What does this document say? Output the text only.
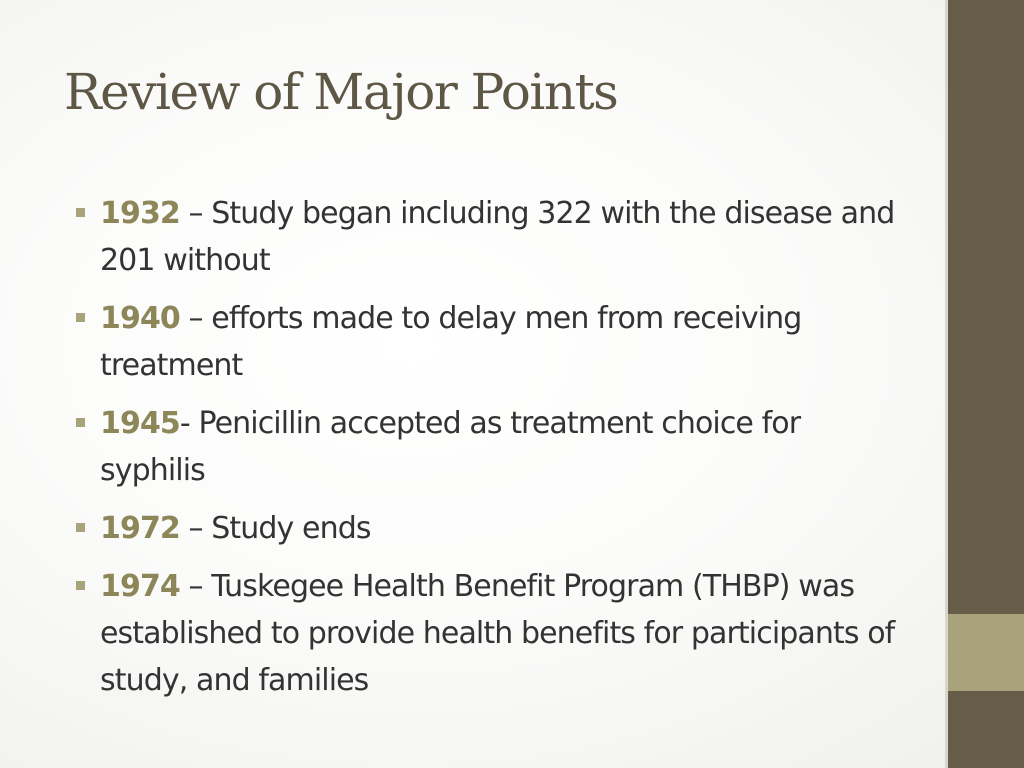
Review of Major Points
1932 – Study began including 322 with the disease and 201 without
1940 – efforts made to delay men from receiving treatment
1945- Penicillin accepted as treatment choice for syphilis
1972 – Study ends
1974 – Tuskegee Health Benefit Program (THBP) was established to provide health benefits for participants of study, and families
